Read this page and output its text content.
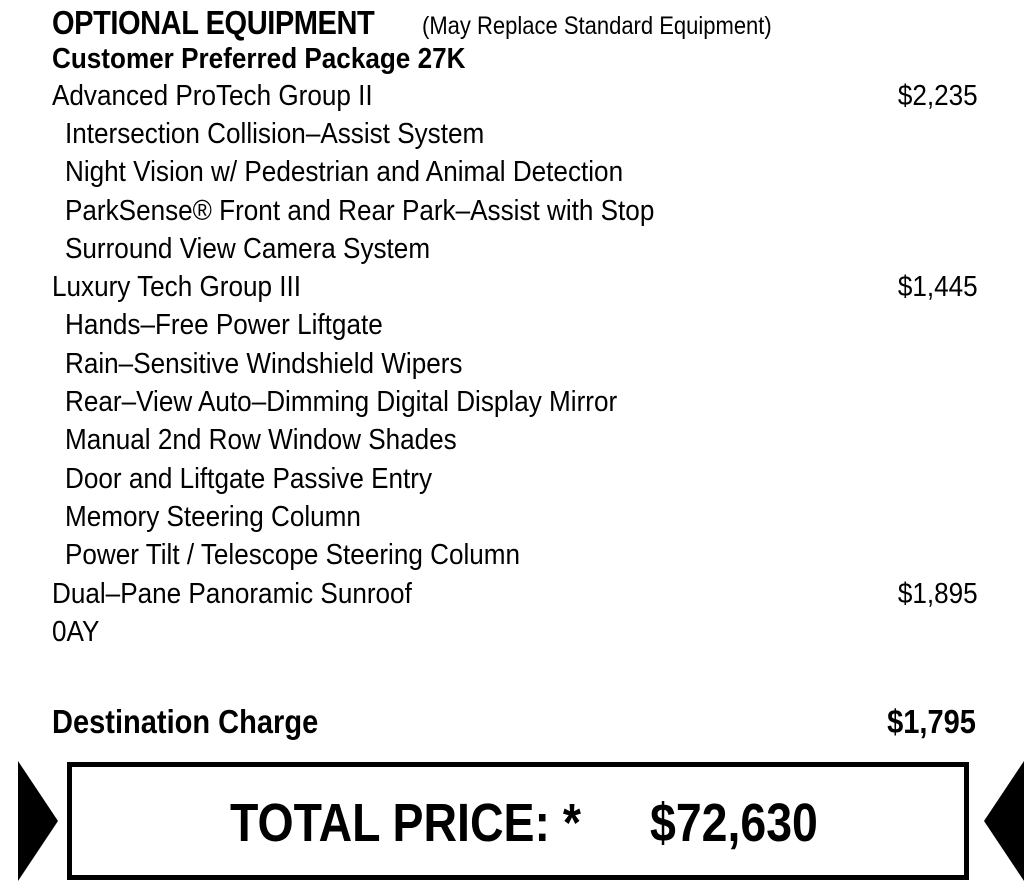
OPTIONAL EQUIPMENT (May Replace Standard Equipment)
Customer Preferred Package 27K
Advanced ProTech Group II	$2,235
Intersection Collision–Assist System
Night Vision w/ Pedestrian and Animal Detection
ParkSense® Front and Rear Park–Assist with Stop
Surround View Camera System
Luxury Tech Group III	$1,445
Hands–Free Power Liftgate
Rain–Sensitive Windshield Wipers
Rear–View Auto–Dimming Digital Display Mirror
Manual 2nd Row Window Shades
Door and Liftgate Passive Entry
Memory Steering Column
Power Tilt / Telescope Steering Column
Dual–Pane Panoramic Sunroof	$1,895
0AY
Destination Charge	$1,795
TOTAL PRICE: * $72,630
